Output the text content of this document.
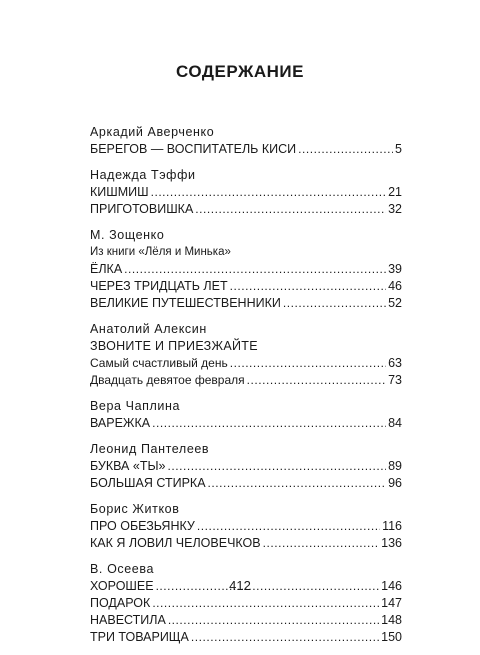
СОДЕРЖАНИЕ
Аркадий Аверченко
БЕРЕГОВ — ВОСПИТАТЕЛЬ КИСИ . . .	5
Надежда Тэффи
КИШМИШ . . .	21
ПРИГОТОВИШКА . . .	32
М. Зощенко
Из книги «Лёля и Минька»
ЁЛКА . . .	39
ЧЕРЕЗ ТРИДЦАТЬ ЛЕТ . . .	46
ВЕЛИКИЕ ПУТЕШЕСТВЕННИКИ . . .	52
Анатолий Алексин
ЗВОНИТЕ И ПРИЕЗЖАЙТЕ
Самый счастливый день . . .	63
Двадцать девятое февраля . . .	73
Вера Чаплина
ВАРЕЖКА . . .	84
Леонид Пантелеев
БУКВА «ТЫ» . . .	89
БОЛЬШАЯ СТИРКА . . .	96
Борис Житков
ПРО ОБЕЗЬЯНКУ . . .	116
КАК Я ЛОВИЛ ЧЕЛОВЕЧКОВ . . .	136
В. Осеева
ХОРОШЕЕ . . .	146
ПОДАРОК . . .	147
НАВЕСТИЛА . . .	148
ТРИ ТОВАРИЩА . . .	150
412
